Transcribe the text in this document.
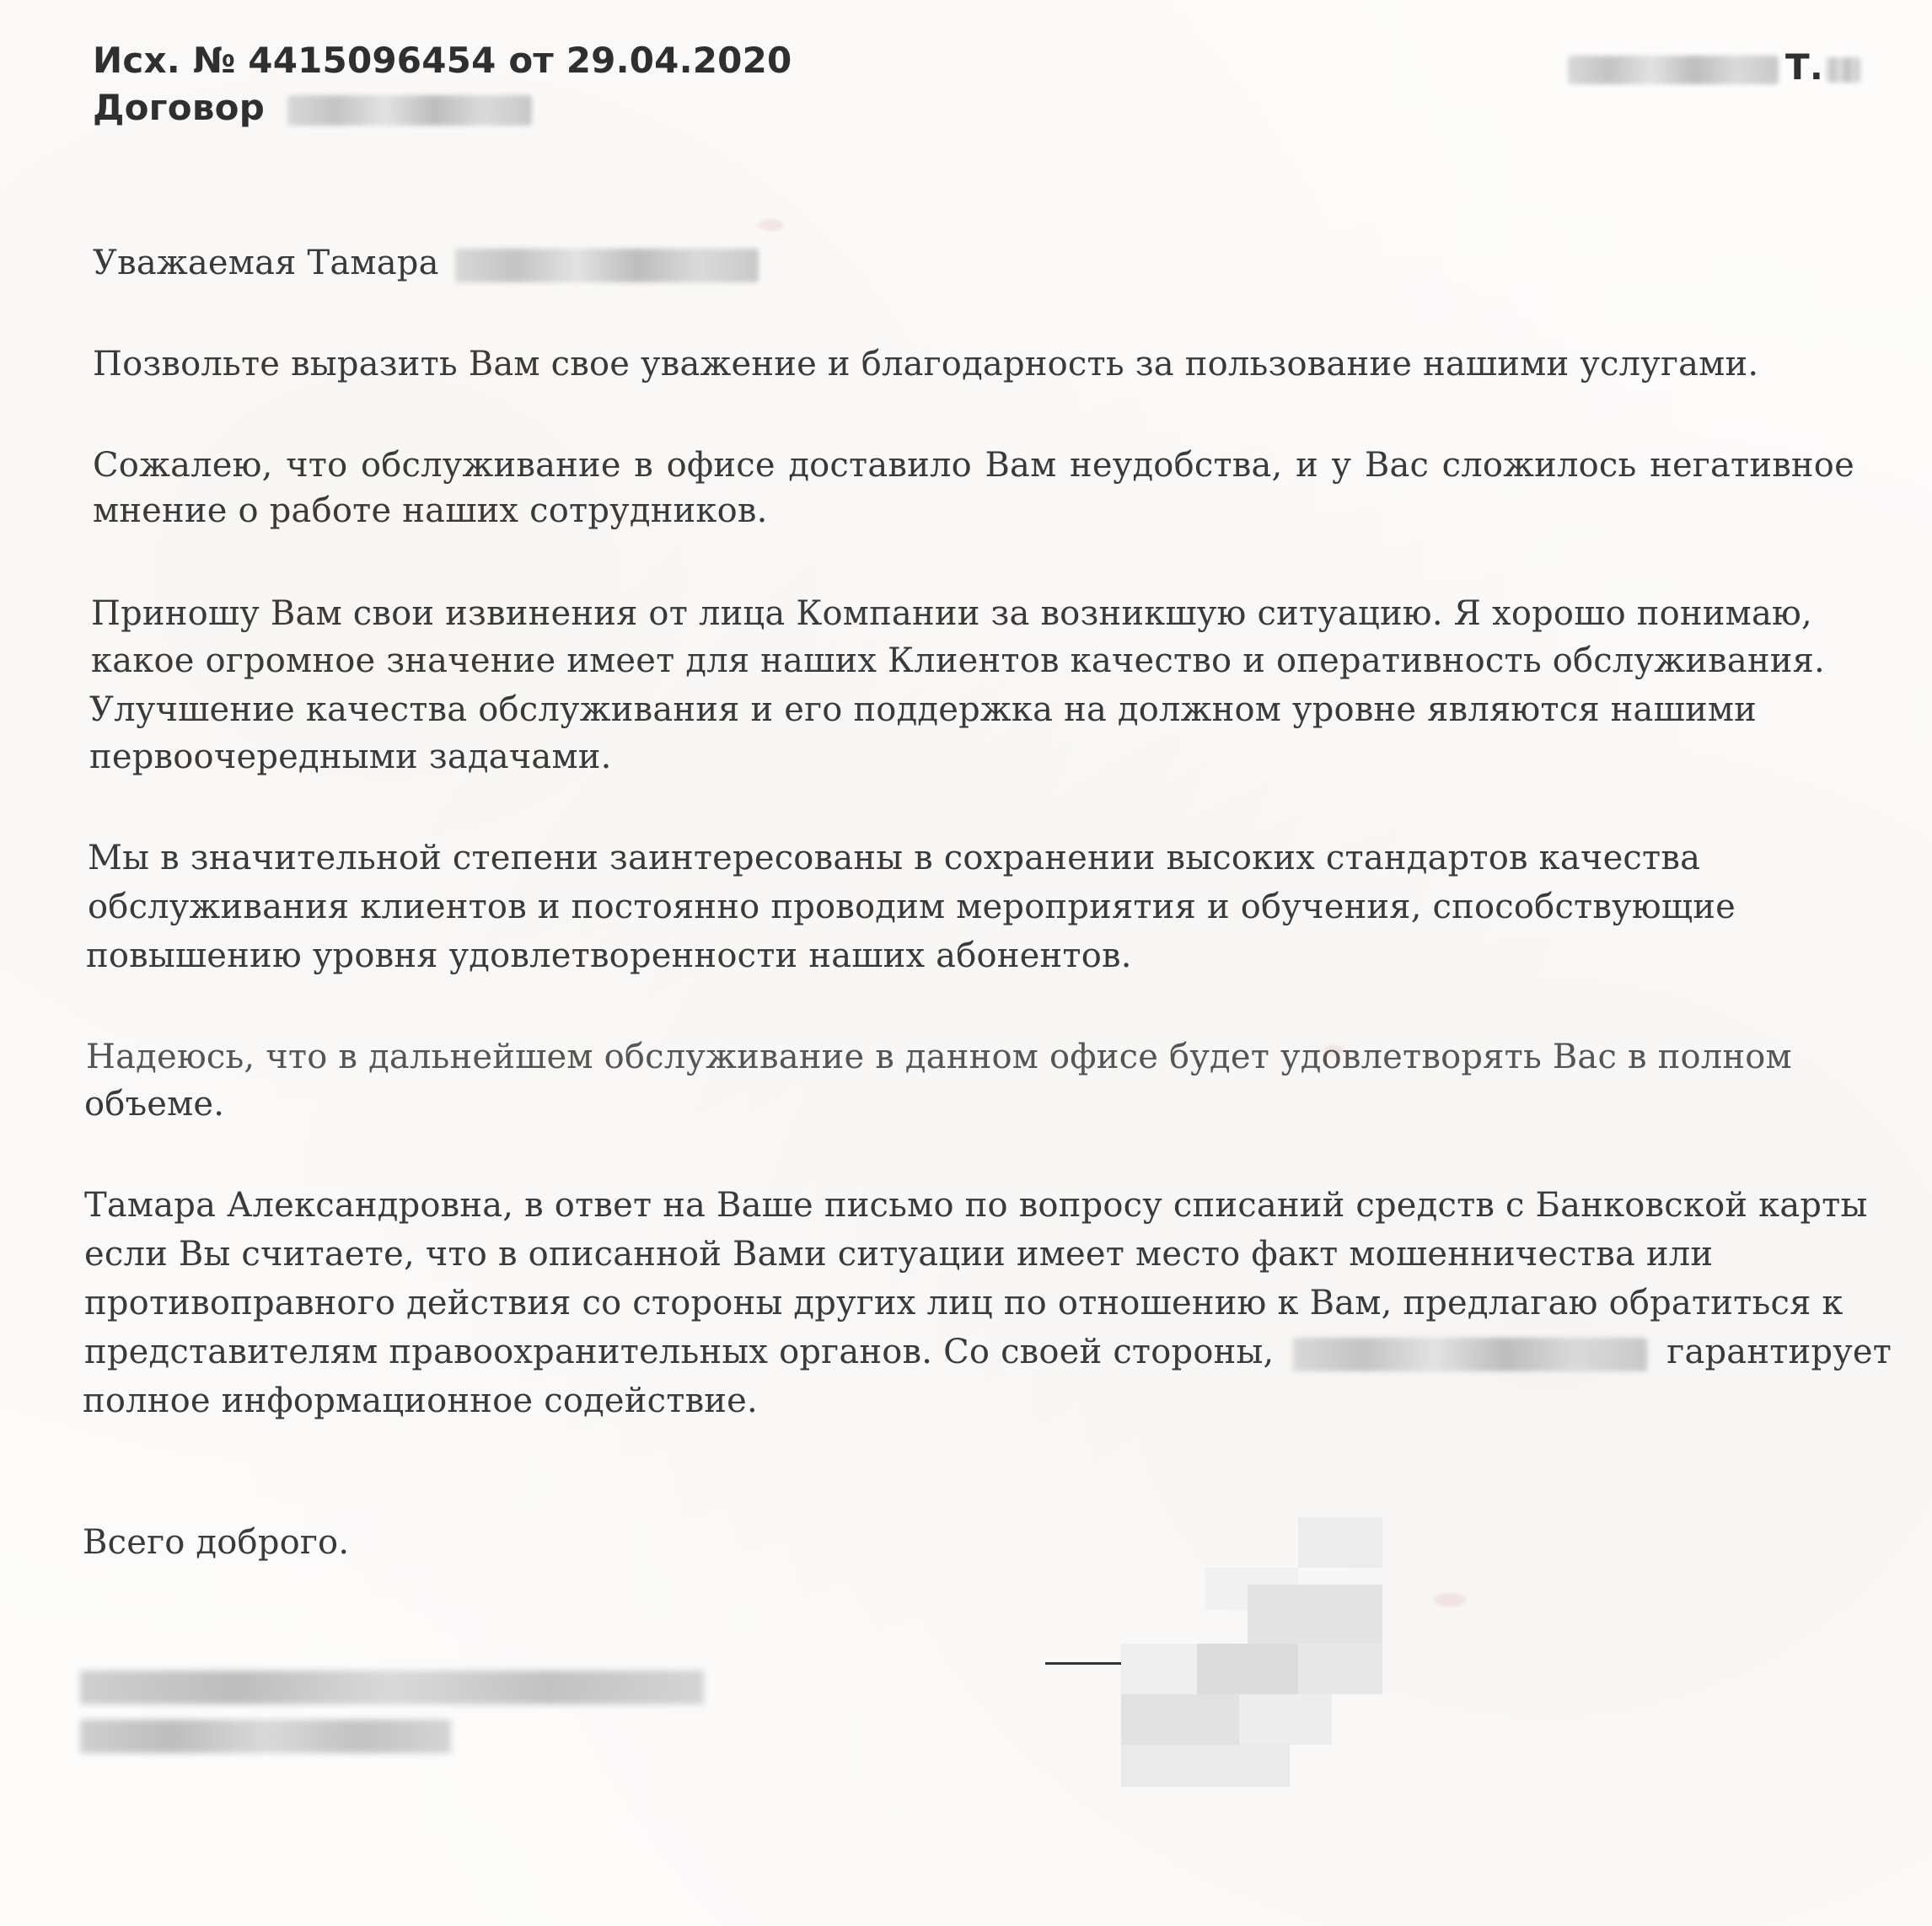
Исх. № 4415096454 от 29.04.2020
Договор
Т.
Уважаемая Тамара
Позвольте выразить Вам свое уважение и благодарность за пользование нашими услугами.
Сожалею, что обслуживание в офисе доставило Вам неудобства, и у Вас сложилось негативное
мнение о работе наших сотрудников.
Приношу Вам свои извинения от лица Компании за возникшую ситуацию. Я хорошо понимаю,
какое огромное значение имеет для наших Клиентов качество и оперативность обслуживания.
Улучшение качества обслуживания и его поддержка на должном уровне являются нашими
первоочередными задачами.
Мы в значительной степени заинтересованы в сохранении высоких стандартов качества
обслуживания клиентов и постоянно проводим мероприятия и обучения, способствующие
повышению уровня удовлетворенности наших абонентов.
Надеюсь, что в дальнейшем обслуживание в данном офисе будет удовлетворять Вас в полном
объеме.
Тамара Александровна, в ответ на Ваше письмо по вопросу списаний средств с Банковской карты
если Вы считаете, что в описанной Вами ситуации имеет место факт мошенничества или
противоправного действия со стороны других лиц по отношению к Вам, предлагаю обратиться к
представителям правоохранительных органов. Со своей стороны,	гарантирует
полное информационное содействие.
Всего доброго.
